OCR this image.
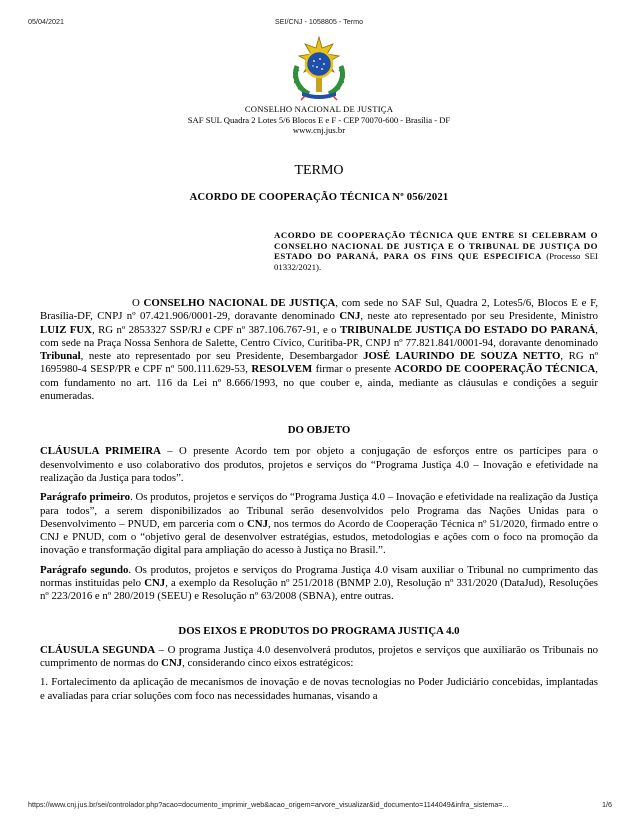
05/04/2021	SEI/CNJ - 1058805 - Termo
CONSELHO NACIONAL DE JUSTIÇA
SAF SUL Quadra 2 Lotes 5/6 Blocos E e F - CEP 70070-600 - Brasília - DF
www.cnj.jus.br
TERMO
ACORDO DE COOPERAÇÃO TÉCNICA Nº 056/2021
ACORDO DE COOPERAÇÃO TÉCNICA QUE ENTRE SI CELEBRAM O CONSELHO NACIONAL DE JUSTIÇA E O TRIBUNAL DE JUSTIÇA DO ESTADO DO PARANÁ, PARA OS FINS QUE ESPECIFICA (Processo SEI 01332/2021).

O CONSELHO NACIONAL DE JUSTIÇA, com sede no SAF Sul, Quadra 2, Lotes5/6, Blocos E e F, Brasília-DF, CNPJ nº 07.421.906/0001-29, doravante denominado CNJ, neste ato representado por seu Presidente, Ministro LUIZ FUX, RG nº 2853327 SSP/RJ e CPF nº 387.106.767-91, e o TRIBUNALDE JUSTIÇA DO ESTADO DO PARANÁ, com sede na Praça Nossa Senhora de Salette, Centro Cívico, Curitiba-PR, CNPJ nº 77.821.841/0001-94, doravante denominado Tribunal, neste ato representado por seu Presidente, Desembargador JOSÉ LAURINDO DE SOUZA NETTO, RG nº 1695980-4 SESP/PR e CPF nº 500.111.629-53, RESOLVEM firmar o presente ACORDO DE COOPERAÇÃO TÉCNICA, com fundamento no art. 116 da Lei nº 8.666/1993, no que couber e, ainda, mediante as cláusulas e condições a seguir enumeradas.

DO OBJETO

CLÁUSULA PRIMEIRA – O presente Acordo tem por objeto a conjugação de esforços entre os partícipes para o desenvolvimento e uso colaborativo dos produtos, projetos e serviços do “Programa Justiça 4.0 – Inovação e efetividade na realização da Justiça para todos”.

Parágrafo primeiro. Os produtos, projetos e serviços do “Programa Justiça 4.0 – Inovação e efetividade na realização da Justiça para todos”, a serem disponibilizados ao Tribunal serão desenvolvidos pelo Programa das Nações Unidas para o Desenvolvimento – PNUD, em parceria com o CNJ, nos termos do Acordo de Cooperação Técnica nº 51/2020, firmado entre o CNJ e PNUD, com o “objetivo geral de desenvolver estratégias, estudos, metodologias e ações com o foco na promoção da inovação e transformação digital para ampliação do acesso à Justiça no Brasil.”.

Parágrafo segundo. Os produtos, projetos e serviços do Programa Justiça 4.0 visam auxiliar o Tribunal no cumprimento das normas instituídas pelo CNJ, a exemplo da Resolução nº 251/2018 (BNMP 2.0), Resolução nº 331/2020 (DataJud), Resoluções nº 223/2016 e nº 280/2019 (SEEU) e Resolução nº 63/2008 (SBNA), entre outras.

DOS EIXOS E PRODUTOS DO PROGRAMA JUSTIÇA 4.0

CLÁUSULA SEGUNDA – O programa Justiça 4.0 desenvolverá produtos, projetos e serviços que auxiliarão os Tribunais no cumprimento de normas do CNJ, considerando cinco eixos estratégicos:

1. Fortalecimento da aplicação de mecanismos de inovação e de novas tecnologias no Poder Judiciário concebidas, implantadas e avaliadas para criar soluções com foco nas necessidades humanas, visando a

https://www.cnj.jus.br/sei/controlador.php?acao=documento_imprimir_web&acao_origem=arvore_visualizar&id_documento=1144049&infra_sistema=...	1/6
